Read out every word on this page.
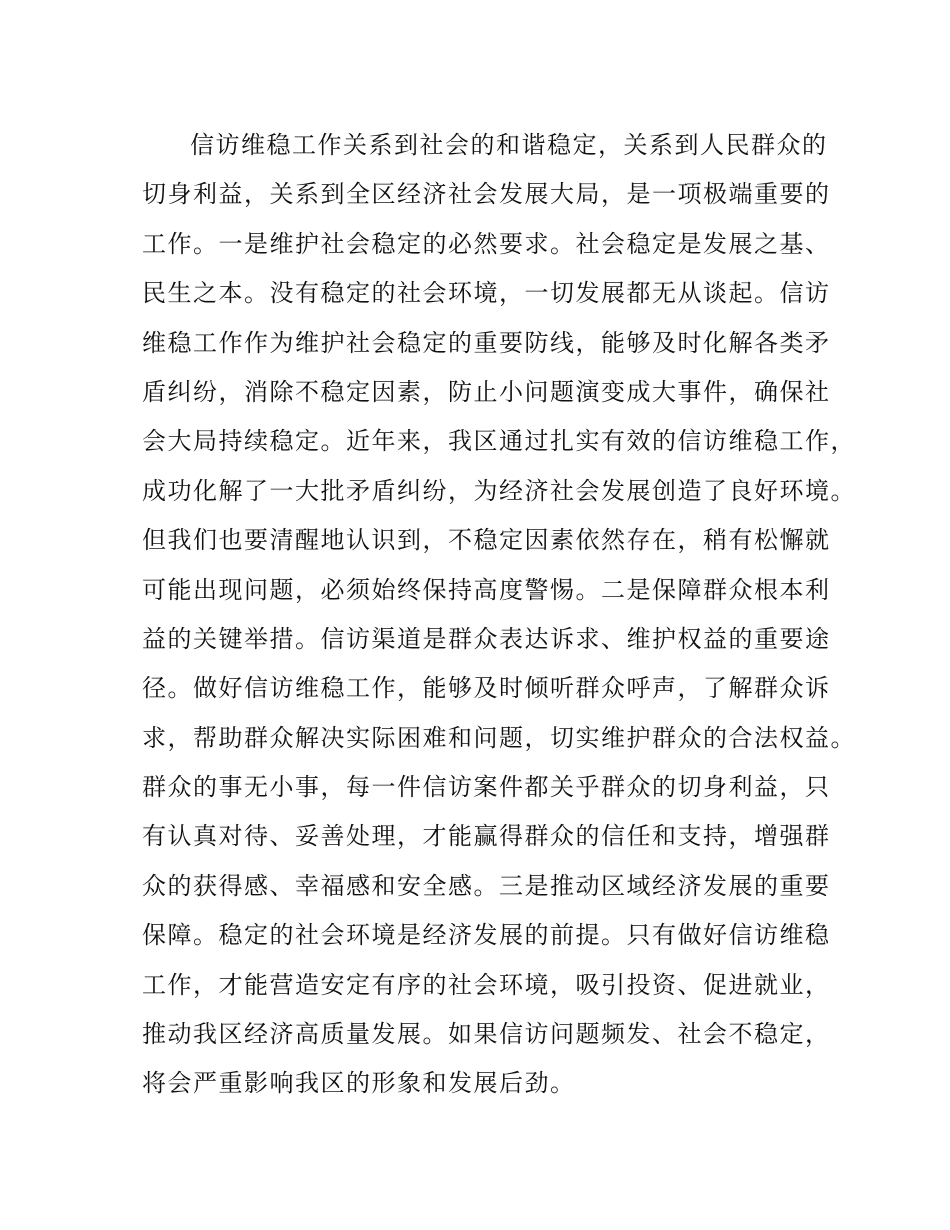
信访维稳工作关系到社会的和谐稳定，关系到人民群众的
切身利益，关系到全区经济社会发展大局，是一项极端重要的
工作。一是维护社会稳定的必然要求。社会稳定是发展之基、
民生之本。没有稳定的社会环境，一切发展都无从谈起。信访
维稳工作作为维护社会稳定的重要防线，能够及时化解各类矛
盾纠纷，消除不稳定因素，防止小问题演变成大事件，确保社
会大局持续稳定。近年来，我区通过扎实有效的信访维稳工作，
成功化解了一大批矛盾纠纷，为经济社会发展创造了良好环境。
但我们也要清醒地认识到，不稳定因素依然存在，稍有松懈就
可能出现问题，必须始终保持高度警惕。二是保障群众根本利
益的关键举措。信访渠道是群众表达诉求、维护权益的重要途
径。做好信访维稳工作，能够及时倾听群众呼声，了解群众诉
求，帮助群众解决实际困难和问题，切实维护群众的合法权益。
群众的事无小事，每一件信访案件都关乎群众的切身利益，只
有认真对待、妥善处理，才能赢得群众的信任和支持，增强群
众的获得感、幸福感和安全感。三是推动区域经济发展的重要
保障。稳定的社会环境是经济发展的前提。只有做好信访维稳
工作，才能营造安定有序的社会环境，吸引投资、促进就业，
推动我区经济高质量发展。如果信访问题频发、社会不稳定，
将会严重影响我区的形象和发展后劲。
